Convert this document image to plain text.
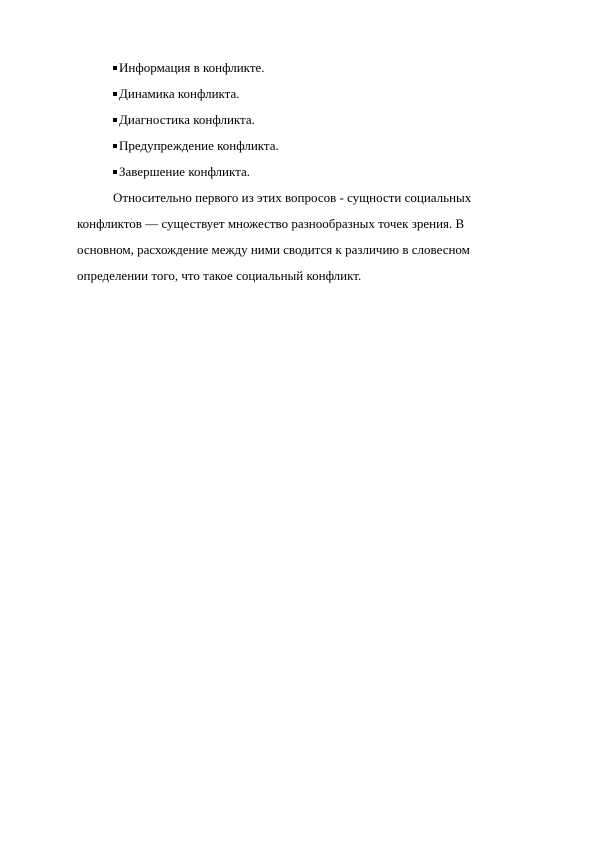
Информация в конфликте.
Динамика конфликта.
Диагностика конфликта.
Предупреждение конфликта.
Завершение конфликта.

Относительно первого из этих вопросов - сущности социальных
конфликтов — существует множество разнообразных точек зрения. В
основном, расхождение между ними сводится к различию в словесном
определении того, что такое социальный конфликт.
